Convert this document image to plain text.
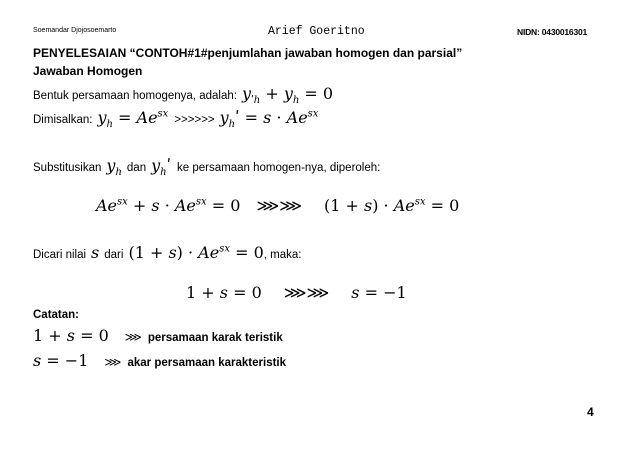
Soemandar Djojosoemarto	Arief Goeritno	NIDN: 0430016301
PENYELESAIAN “CONTOH#1#penjumlahan jawaban homogen dan parsial”
Jawaban Homogen
Bentuk persamaan homogenya, adalah: $y_{ʹh} + y_h = 0$
Dimisalkan: $y_h = Ae^{sx}$ >>>>>> $y_hʹ = s \cdot Ae^{sx}$
Substitusikan $y_h$ dan $y_hʹ$ ke persamaan homogen-nya, diperoleh:
$Ae^{sx} + s \cdot Ae^{sx} = 0$ ⋙⋙ $(1 + s) \cdot Ae^{sx} = 0$
Dicari nilai s dari $(1 + s) \cdot Ae^{sx} = 0$ , maka:
1 + s = 0 ⋙⋙ s = −1
Catatan:
1 + s = 0 ⋙ persamaan karak teristik
s = −1 ⋙ akar persamaan karakteristik
4
